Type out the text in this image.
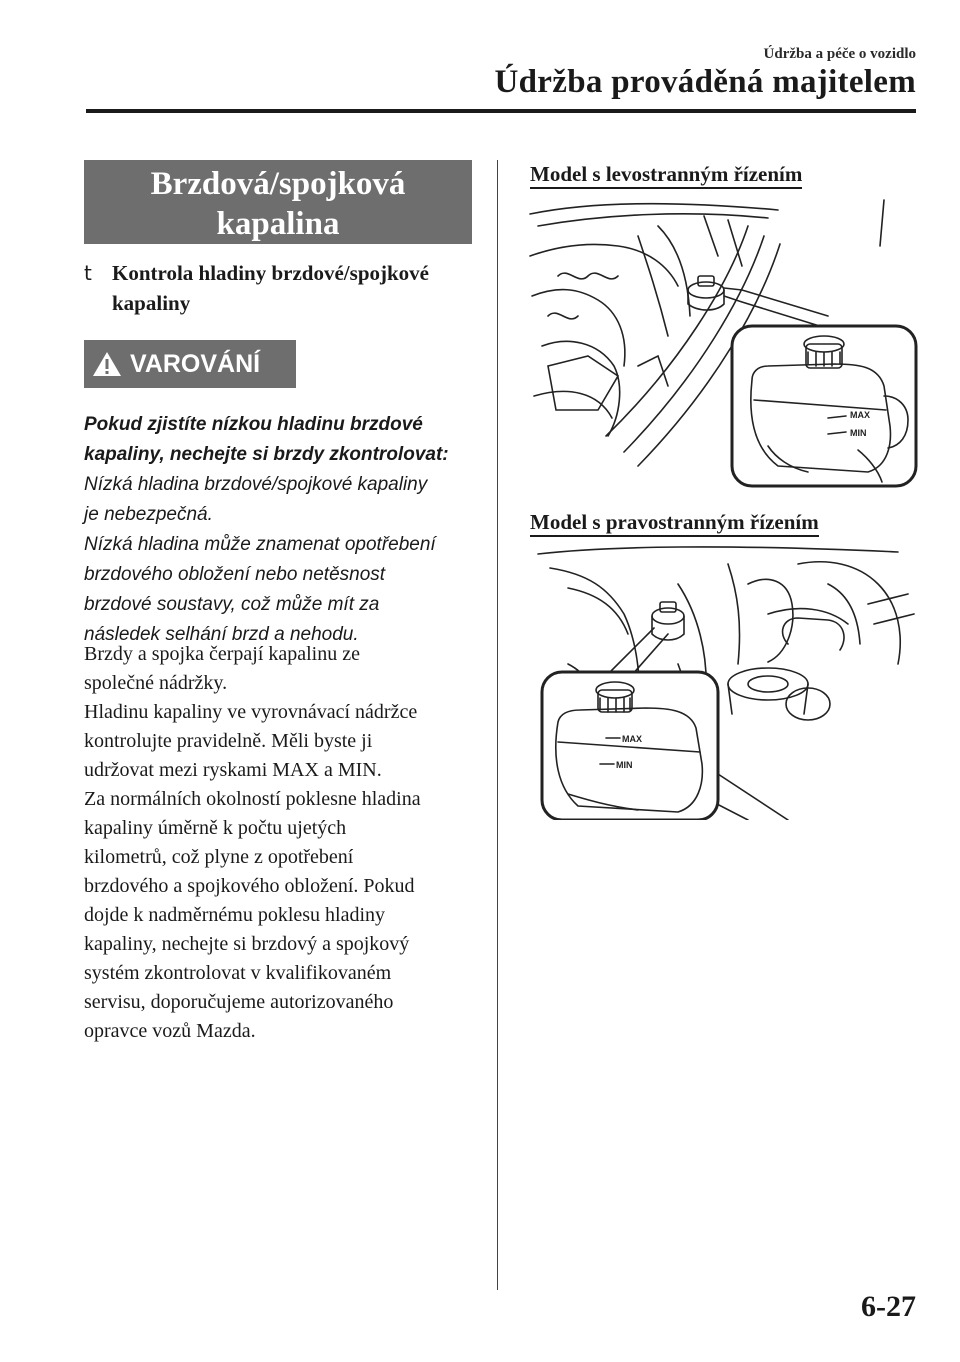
Údržba a péče o vozidlo
Údržba prováděná majitelem
Brzdová/spojková
kapalina
t Kontrola hladiny brzdové/spojkové kapaliny
VAROVÁNÍ
Pokud zjistíte nízkou hladinu brzdové
kapaliny, nechejte si brzdy zkontrolovat:
Nízká hladina brzdové/spojkové kapaliny
je nebezpečná.
Nízká hladina může znamenat opotřebení
brzdového obložení nebo netěsnost
brzdové soustavy, což může mít za
následek selhání brzd a nehodu.

Brzdy a spojka čerpají kapalinu ze

společné nádržky.

Hladinu kapaliny ve vyrovnávací nádržce

kontrolujte pravidelně. Měli byste ji

udržovat mezi ryskami MAX a MIN.

Za normálních okolností poklesne hladina

kapaliny úměrně k počtu ujetých

kilometrů, což plyne z opotřebení

brzdového a spojkového obložení. Pokud

dojde k nadměrnému poklesu hladiny

kapaliny, nechejte si brzdový a spojkový

systém zkontrolovat v kvalifikovaném

servisu, doporučujeme autorizovaného

opravce vozů Mazda.

Model s levostranným řízením
MAX
MIN
Model s pravostranným řízením
MAX
MIN
6-27
